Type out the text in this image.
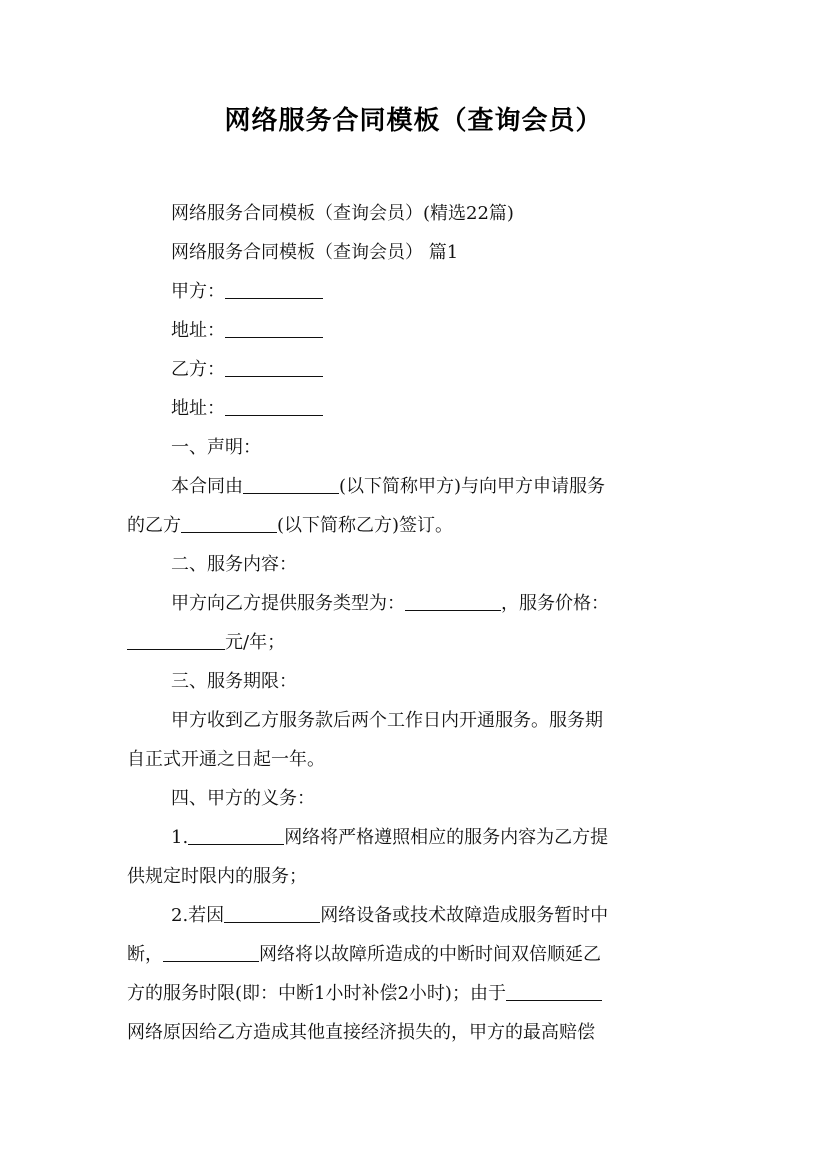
网络服务合同模板（查询会员）
网络服务合同模板（查询会员）(精选22篇)
网络服务合同模板（查询会员） 篇1
甲方：
地址：
乙方：
地址：
一、声明：
本合同由	(以下简称甲方)与向甲方申请服务
的乙方	(以下简称乙方)签订。
二、服务内容：
甲方向乙方提供服务类型为：	，服务价格：
元/年；
三、服务期限：
甲方收到乙方服务款后两个工作日内开通服务。服务期
自正式开通之日起一年。
四、甲方的义务：
1.	网络将严格遵照相应的服务内容为乙方提
供规定时限内的服务；
2.若因	网络设备或技术故障造成服务暂时中
断，	网络将以故障所造成的中断时间双倍顺延乙
方的服务时限(即：中断1小时补偿2小时)；由于
网络原因给乙方造成其他直接经济损失的，甲方的最高赔偿
